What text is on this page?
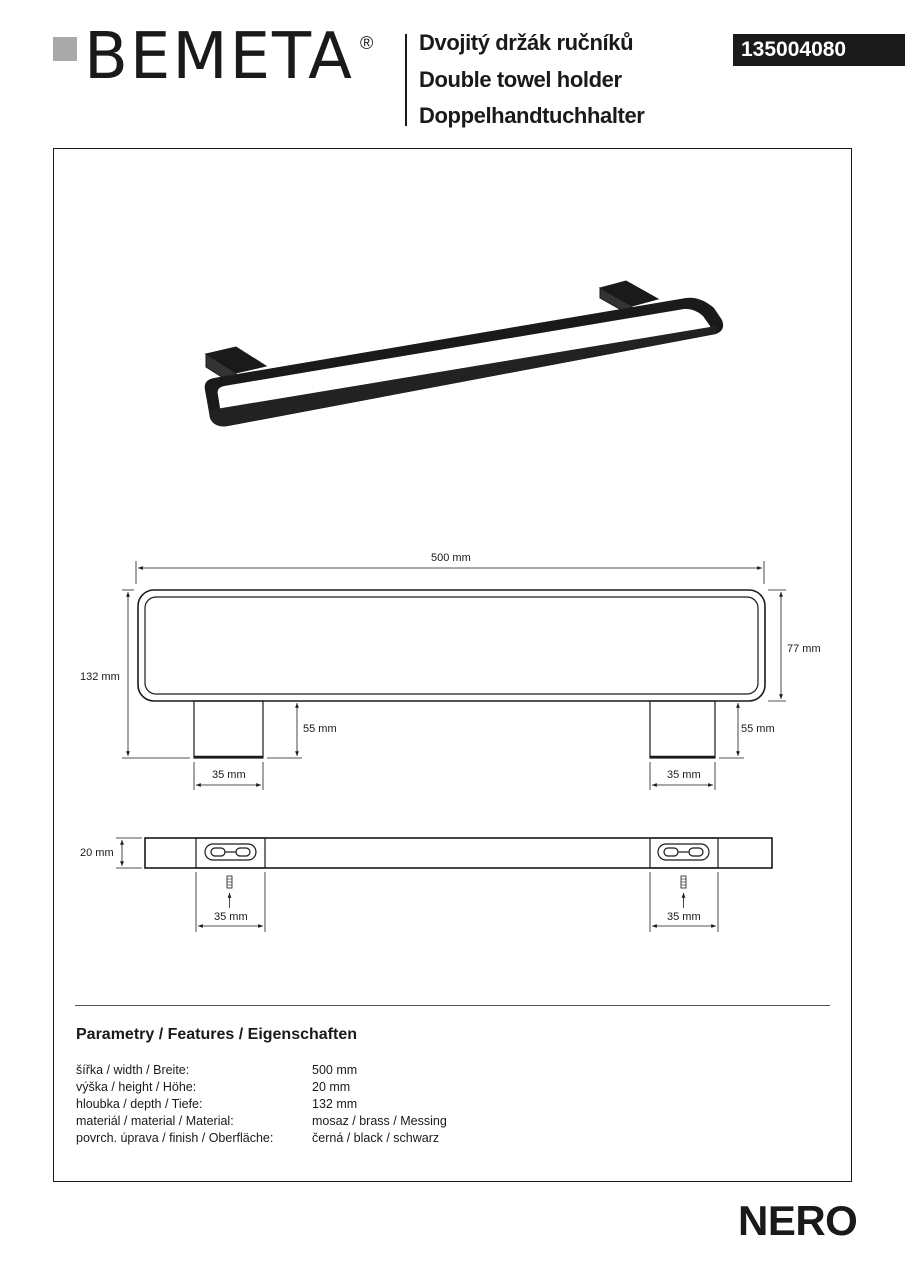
BEMETA ® Dvojitý držák ručníků
Double towel holder
Doppelhandtuchhalter
135004080
500 mm
132 mm
77 mm
55 mm	55 mm
35 mm	35 mm
20 mm
35 mm	35 mm
Parametry / Features / Eigenschaften
šířka / width / Breite:	500 mm
výška / height / Höhe:	20 mm
hloubka / depth / Tiefe:	132 mm
materiál / material / Material:	mosaz / brass / Messing
povrch. úprava / finish / Oberfläche:	černá / black / schwarz
NERO
